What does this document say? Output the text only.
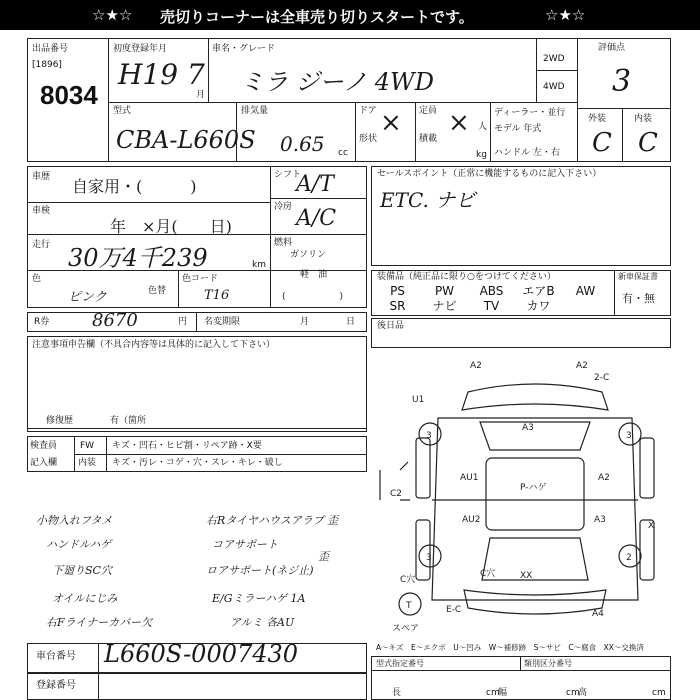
☆★☆ 売切りコーナーは全車売り切りスタートです。	☆★☆
出品番号
[1896]
8034
初度登録年月
H19 7
月
車名・グレード
ミラ ジーノ 4WD
2WD
4WD
評価点
3
外装	内装
C C
型式
CBA-L660S
排気量
0.65 cc
ドア
形状
× 定員
積載
× 人
kg
ディーラー・並行
モデル 年式
ハンドル 左・右
車歴 自家用・(　　　)
車検
年　×月(　　日)
走行 30万4千239	km
色
ピンク	色替
色コード
T16
シフト
A/T
冷房 A/C
燃料
ガソリン
軽　油
(　　　　　　)
セールスポイント（正常に機能するものに記入下さい）
ETC. ナビ
装備品（純正品に限り○をつけてください）	新車保証書
有・無
PS	PW	ABS	エアB	AW
SR	ナビ	TV	カワ
後日品
R券 8670	円 名変期限	月	日
注意事項申告欄（不具合内容等は具体的に記入して下さい）
修復歴	有（箇所
検査員
記入欄
FW キズ・凹石・ヒビ割・リペア跡・X要
内装 キズ・汚レ・コゲ・穴・スレ・キレ・破し
小物入れフタメ
ハンドルハゲ
下廻りSC穴
オイルにじみ
右Fライナーカバー欠
右Rタイヤハウスアラブ 歪
コアサポート
ロアサポート(ネジ止)
E/Gミラーハゲ 1A
アルミ 各AU
歪
車台番号 L660S-0007430
登録番号
A2	A2
2-C
U1
A3
3	3
AU1
P-ハゲ
A2
C2
AU2	A3
X
3	2
C穴	XX
C穴
T	E-C	A4
スペア
A～キズ　E～エクボ　U～凹み　W～補修跡　S～サビ　C～腐食　XX～交換済
型式指定番号	類別区分番号
長	cm
幅	cm
高	cm
